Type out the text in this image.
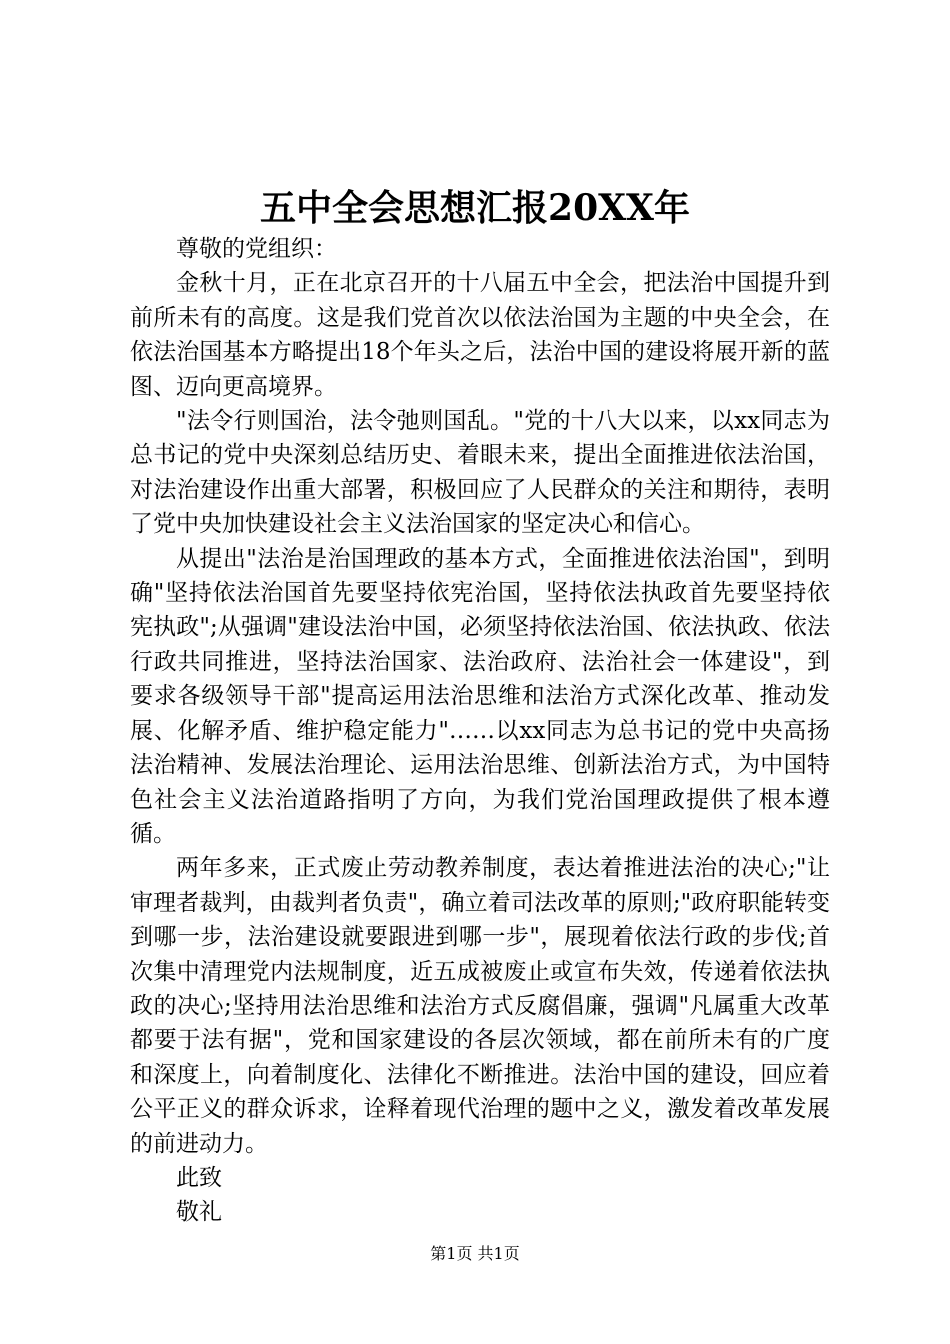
五中全会思想汇报20XX年

尊敬的党组织：

金秋十月，正在北京召开的十八届五中全会，把法治中国提升到前所未有的高度。这是我们党首次以依法治国为主题的中央全会，在依法治国基本方略提出18个年头之后，法治中国的建设将展开新的蓝图、迈向更高境界。

"法令行则国治，法令弛则国乱。"党的十八大以来，以xx同志为总书记的党中央深刻总结历史、着眼未来，提出全面推进依法治国，对法治建设作出重大部署，积极回应了人民群众的关注和期待，表明了党中央加快建设社会主义法治国家的坚定决心和信心。

从提出"法治是治国理政的基本方式，全面推进依法治国"，到明确"坚持依法治国首先要坚持依宪治国，坚持依法执政首先要坚持依宪执政";从强调"建设法治中国，必须坚持依法治国、依法执政、依法行政共同推进，坚持法治国家、法治政府、法治社会一体建设"，到要求各级领导干部"提高运用法治思维和法治方式深化改革、推动发展、化解矛盾、维护稳定能力"……以xx同志为总书记的党中央高扬法治精神、发展法治理论、运用法治思维、创新法治方式，为中国特色社会主义法治道路指明了方向，为我们党治国理政提供了根本遵循。

两年多来，正式废止劳动教养制度，表达着推进法治的决心;"让审理者裁判，由裁判者负责"，确立着司法改革的原则;"政府职能转变到哪一步，法治建设就要跟进到哪一步"，展现着依法行政的步伐;首次集中清理党内法规制度，近五成被废止或宣布失效，传递着依法执政的决心;坚持用法治思维和法治方式反腐倡廉，强调"凡属重大改革都要于法有据"，党和国家建设的各层次领域，都在前所未有的广度和深度上，向着制度化、法律化不断推进。法治中国的建设，回应着公平正义的群众诉求，诠释着现代治理的题中之义，激发着改革发展的前进动力。

此致

敬礼

第1页 共1页
